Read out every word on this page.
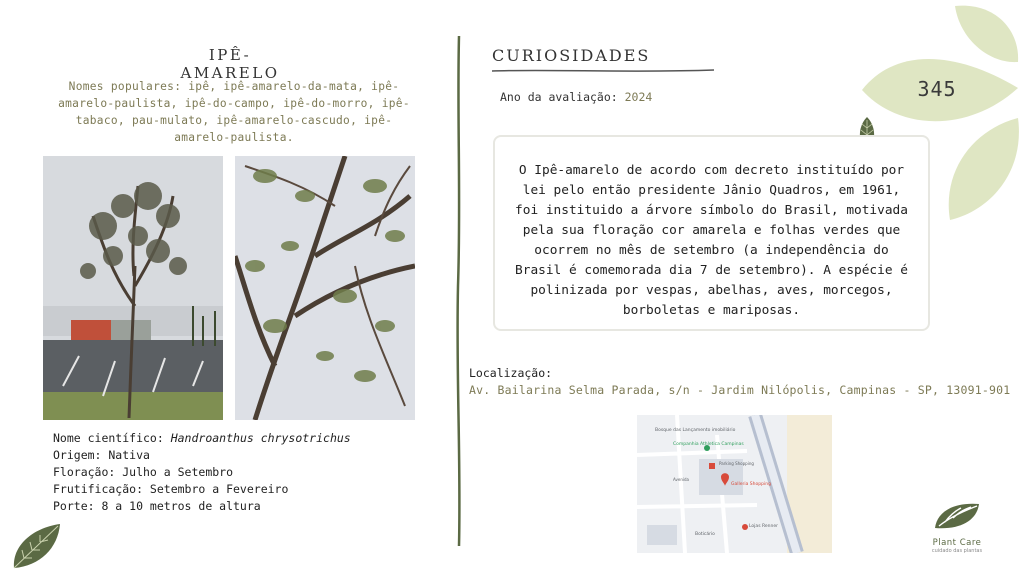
345
IPÊ-AMARELO
Nomes populares: ipê, ipê-amarelo-da-mata, ipê-amarelo-paulista, ipê-do-campo, ipê-do-morro, ipê-tabaco, pau-mulato, ipê-amarelo-cascudo, ipê-amarelo-paulista.
Nome científico: Handroanthus chrysotrichus
Origem: Nativa
Floração: Julho a Setembro
Frutificação: Setembro a Fevereiro
Porte: 8 a 10 metros de altura
CURIOSIDADES
Ano da avaliação: 2024

O Ipê-amarelo de acordo com decreto instituído por lei pelo então presidente Jânio Quadros, em 1961, foi instituido a árvore símbolo do Brasil, motivada pela sua floração cor amarela e folhas verdes que ocorrem no mês de setembro (a independência do Brasil é comemorada dia 7 de setembro). A espécie é polinizada por vespas, abelhas, aves, morcegos, borboletas e mariposas.

Localização:
Av. Bailarina Selma Parada, s/n - Jardim Nilópolis, Campinas - SP, 13091-901
Bosque das Lançamento imobiliário
Companhia Athletica Campinas
Parking Shopping
Galleria Shopping
Boticário
Lojas Renner
Avenida
Plant Care
cuidado das plantas
